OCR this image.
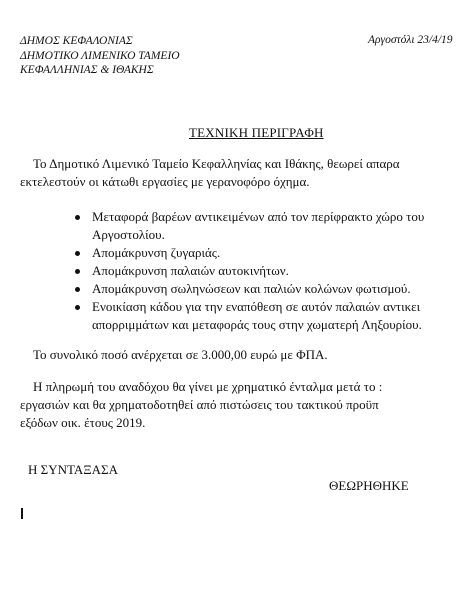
ΔΗΜΟΣ ΚΕΦΑΛΟΝΙΑΣ
ΔΗΜΟΤΙΚΟ ΛΙΜΕΝΙΚΟ ΤΑΜΕΙΟ
ΚΕΦΑΛΛΗΝΙΑΣ & ΙΘΑΚΗΣ
Αργοστόλι 23/4/19
ΤΕΧΝΙΚΗ ΠΕΡΙΓΡΑΦΗ
Το Δημοτικό Λιμενικό Ταμείο Κεφαλληνίας και Ιθάκης, θεωρεί απαρα
εκτελεστούν οι κάτωθι εργασίες με γερανοφόρο όχημα.
Μεταφορά βαρέων αντικειμένων από τον περίφρακτο χώρο του
Αργοστολίου.
Απομάκρυνση ζυγαριάς.
Απομάκρυνση παλαιών αυτοκινήτων.
Απομάκρυνση σωληνώσεων και παλιών κολώνων φωτισμού.
Ενοικίαση κάδου για την εναπόθεση σε αυτόν παλαιών αντικει
απορριμμάτων και μεταφοράς τους στην χωματερή Ληξουρίου.
Το συνολικό ποσό ανέρχεται σε 3.000,00 ευρώ με ΦΠΑ.
Η πληρωμή του αναδόχου θα γίνει με χρηματικό ένταλμα μετά το :
εργασιών και θα χρηματοδοτηθεί από πιστώσεις του τακτικού προϋπ
εξόδων οικ. έτους 2019.
Η ΣΥΝΤΑΞΑΣΑ
ΘΕΩΡΗΘΗΚΕ
